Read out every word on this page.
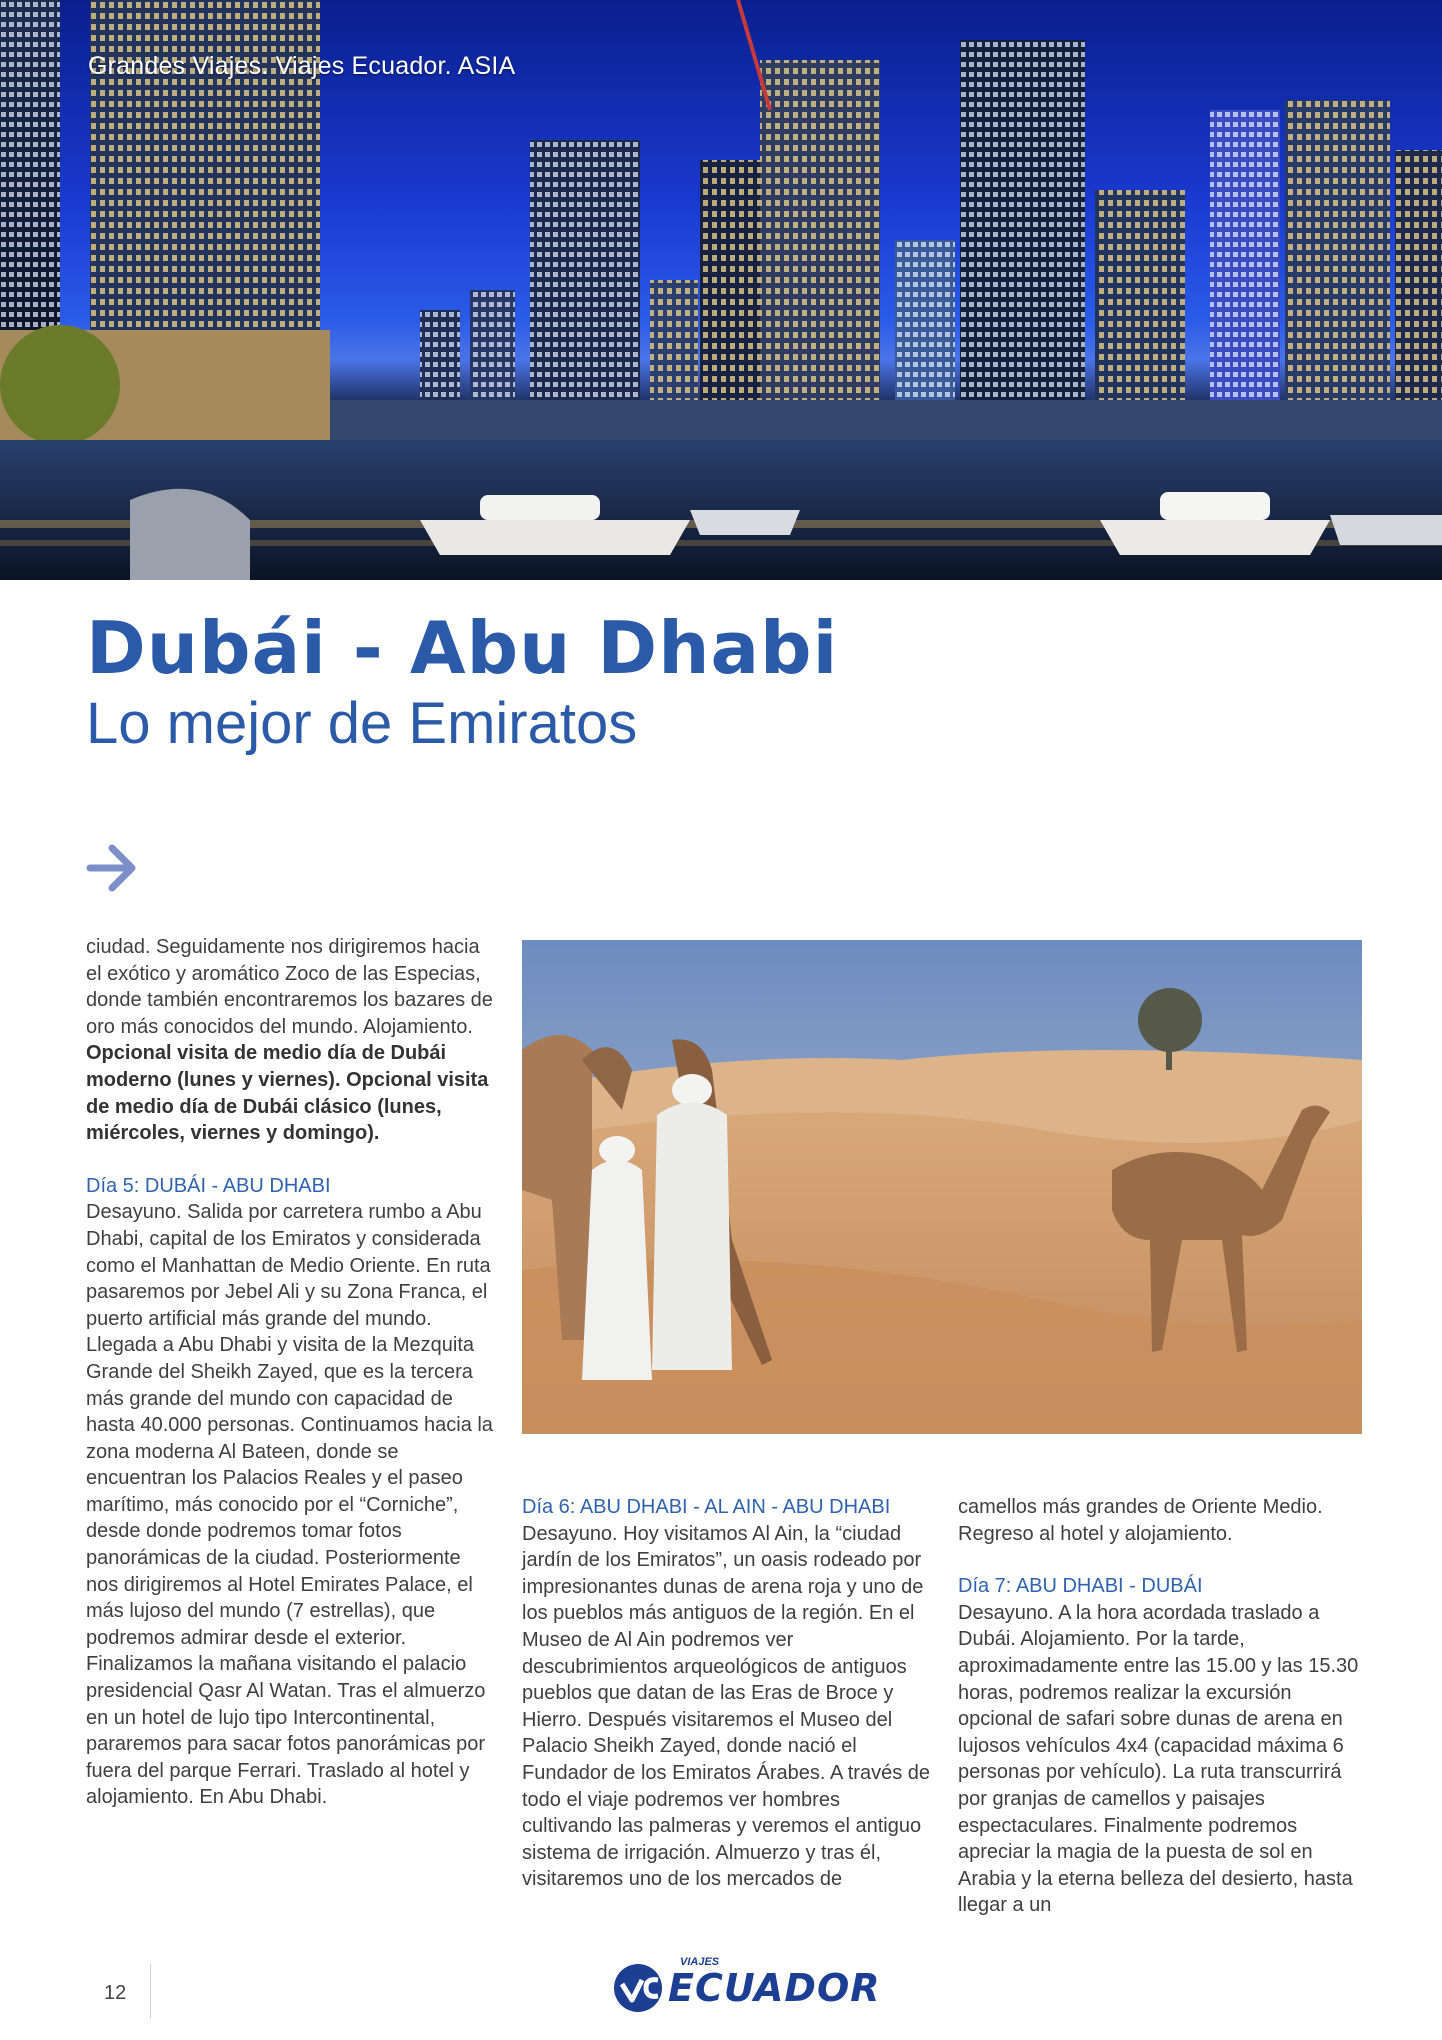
Grandes Viajes. Viajes Ecuador. ASIA
Dubái - Abu Dhabi
Lo mejor de Emiratos

ciudad. Seguidamente nos dirigiremos hacia el exótico y aromático Zoco de las Especias, donde también encontraremos los bazares de oro más conocidos del mundo. Alojamiento. Opcional visita de medio día de Dubái moderno (lunes y viernes). Opcional visita de medio día de Dubái clásico (lunes, miércoles, viernes y domingo).

Día 5: DUBÁI - ABU DHABI

Desayuno. Salida por carretera rumbo a Abu Dhabi, capital de los Emiratos y considerada como el Manhattan de Medio Oriente. En ruta pasaremos por Jebel Ali y su Zona Franca, el puerto artificial más grande del mundo. Llegada a Abu Dhabi y visita de la Mezquita Grande del Sheikh Zayed, que es la tercera más grande del mundo con capacidad de hasta 40.000 personas. Continuamos hacia la zona moderna Al Bateen, donde se encuentran los Palacios Reales y el paseo marítimo, más conocido por el “Corniche”, desde donde podremos tomar fotos panorámicas de la ciudad. Posteriormente nos dirigiremos al Hotel Emirates Palace, el más lujoso del mundo (7 estrellas), que podremos admirar desde el exterior. Finalizamos la mañana visitando el palacio presidencial Qasr Al Watan. Tras el almuerzo en un hotel de lujo tipo Intercontinental, pararemos para sacar fotos panorámicas por fuera del parque Ferrari. Traslado al hotel y alojamiento. En Abu Dhabi.

Día 6: ABU DHABI - AL AIN - ABU DHABI

Desayuno. Hoy visitamos Al Ain, la “ciudad jardín de los Emiratos”, un oasis rodeado por impresionantes dunas de arena roja y uno de los pueblos más antiguos de la región. En el Museo de Al Ain podremos ver descubrimientos arqueológicos de antiguos pueblos que datan de las Eras de Broce y Hierro. Después visitaremos el Museo del Palacio Sheikh Zayed, donde nació el Fundador de los Emiratos Árabes. A través de todo el viaje podremos ver hombres cultivando las palmeras y veremos el antiguo sistema de irrigación. Almuerzo y tras él, visitaremos uno de los mercados de

camellos más grandes de Oriente Medio. Regreso al hotel y alojamiento.

Día 7: ABU DHABI - DUBÁI

Desayuno. A la hora acordada traslado a Dubái. Alojamiento. Por la tarde, aproximadamente entre las 15.00 y las 15.30 horas, podremos realizar la excursión opcional de safari sobre dunas de arena en lujosos vehículos 4x4 (capacidad máxima 6 personas por vehículo). La ruta transcurrirá por granjas de camellos y paisajes espectaculares. Finalmente podremos apreciar la magia de la puesta de sol en Arabia y la eterna belleza del desierto, hasta llegar a un

12
VIAJES
ECUADOR
